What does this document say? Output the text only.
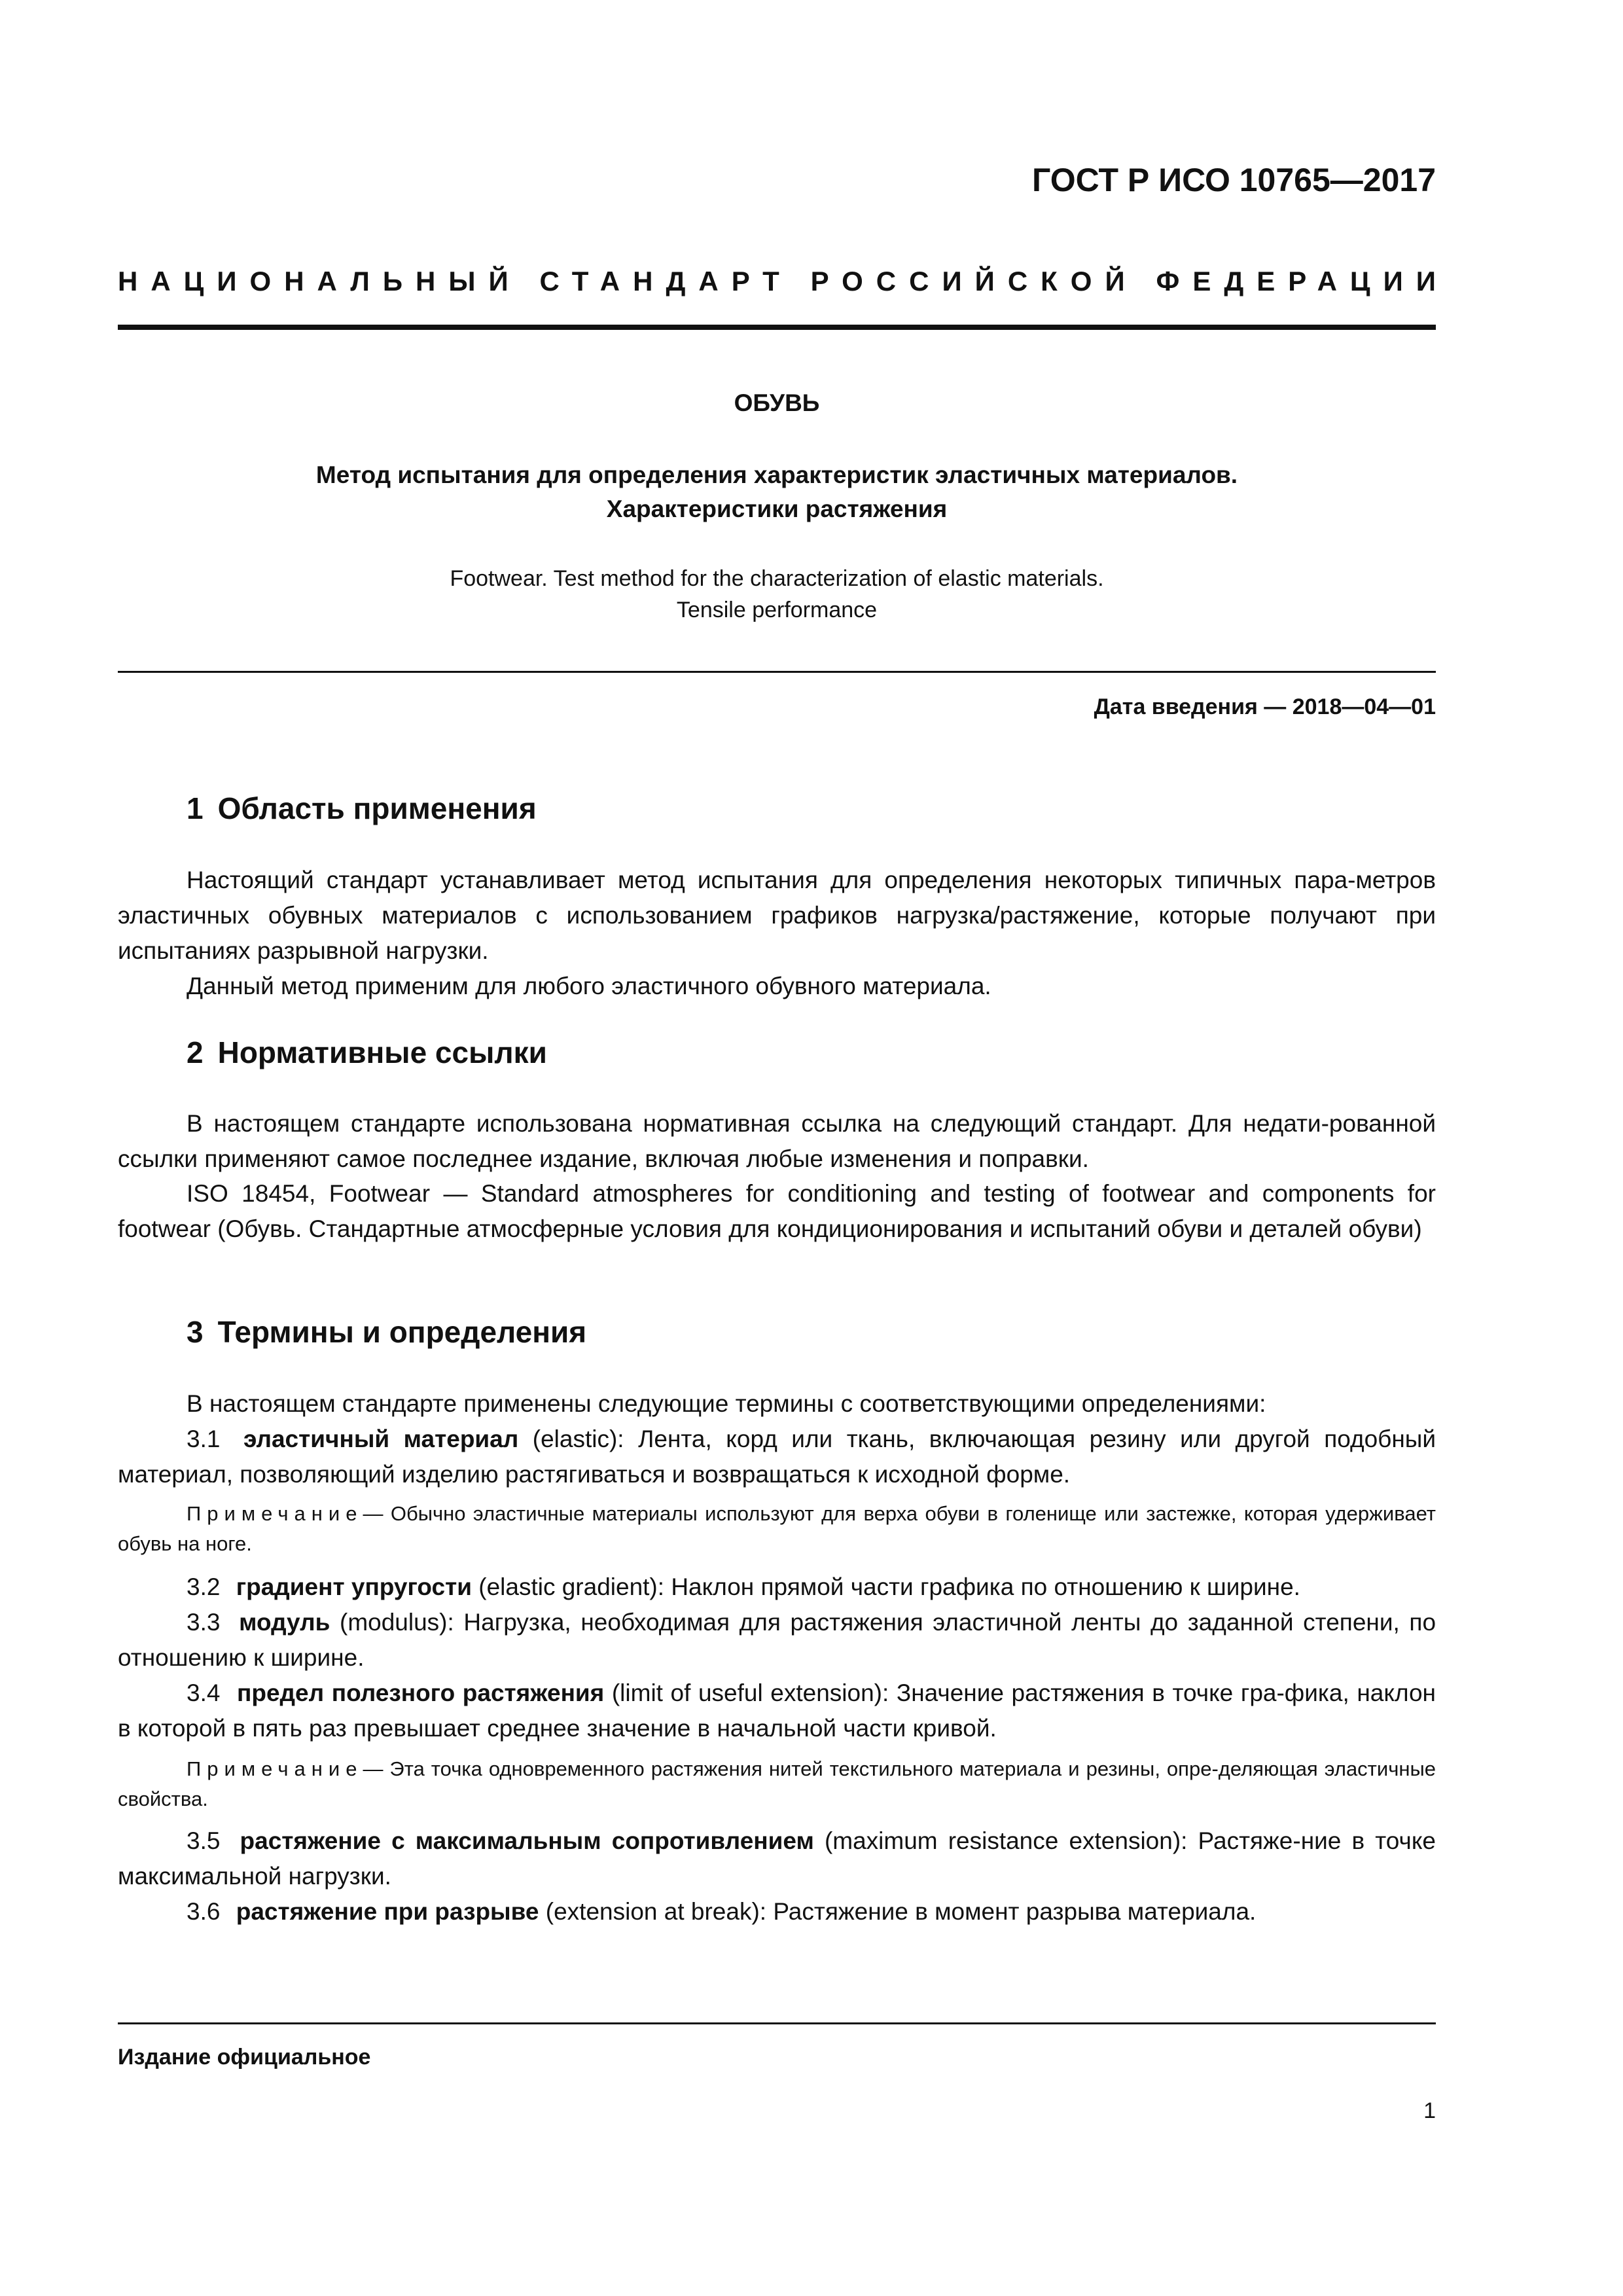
ГОСТ Р ИСО 10765—2017
НАЦИОНАЛЬНЫЙ СТАНДАРТ РОССИЙСКОЙ ФЕДЕРАЦИИ
ОБУВЬ
Метод испытания для определения характеристик эластичных материалов.
Характеристики растяжения
Footwear. Test method for the characterization of elastic materials.
Tensile performance
Дата введения — 2018—04—01
1 Область применения

Настоящий стандарт устанавливает метод испытания для определения некоторых типичных пара-метров эластичных обувных материалов с использованием графиков нагрузка/растяжение, которые получают при испытаниях разрывной нагрузки.

Данный метод применим для любого эластичного обувного материала.

2 Нормативные ссылки

В настоящем стандарте использована нормативная ссылка на следующий стандарт. Для недати-рованной ссылки применяют самое последнее издание, включая любые изменения и поправки.

ISO 18454, Footwear — Standard atmospheres for conditioning and testing of footwear and components for footwear (Обувь. Стандартные атмосферные условия для кондиционирования и испытаний обуви и деталей обуви)

3 Термины и определения

В настоящем стандарте применены следующие термины с соответствующими определениями:

3.1 эластичный материал (elastic): Лента, корд или ткань, включающая резину или другой подобный материал, позволяющий изделию растягиваться и возвращаться к исходной форме.

Примечание— Обычно эластичные материалы используют для верха обуви в голенище или застежке, которая удерживает обувь на ноге.

3.2 градиент упругости (elastic gradient): Наклон прямой части графика по отношению к ширине.

3.3 модуль (modulus): Нагрузка, необходимая для растяжения эластичной ленты до заданной степени, по отношению к ширине.

3.4 предел полезного растяжения (limit of useful extension): Значение растяжения в точке гра-фика, наклон в которой в пять раз превышает среднее значение в начальной части кривой.

Примечание— Эта точка одновременного растяжения нитей текстильного материала и резины, опре-деляющая эластичные свойства.

3.5 растяжение с максимальным сопротивлением (maximum resistance extension): Растяже-ние в точке максимальной нагрузки.

3.6 растяжение при разрыве (extension at break): Растяжение в момент разрыва материала.

Издание официальное
1
